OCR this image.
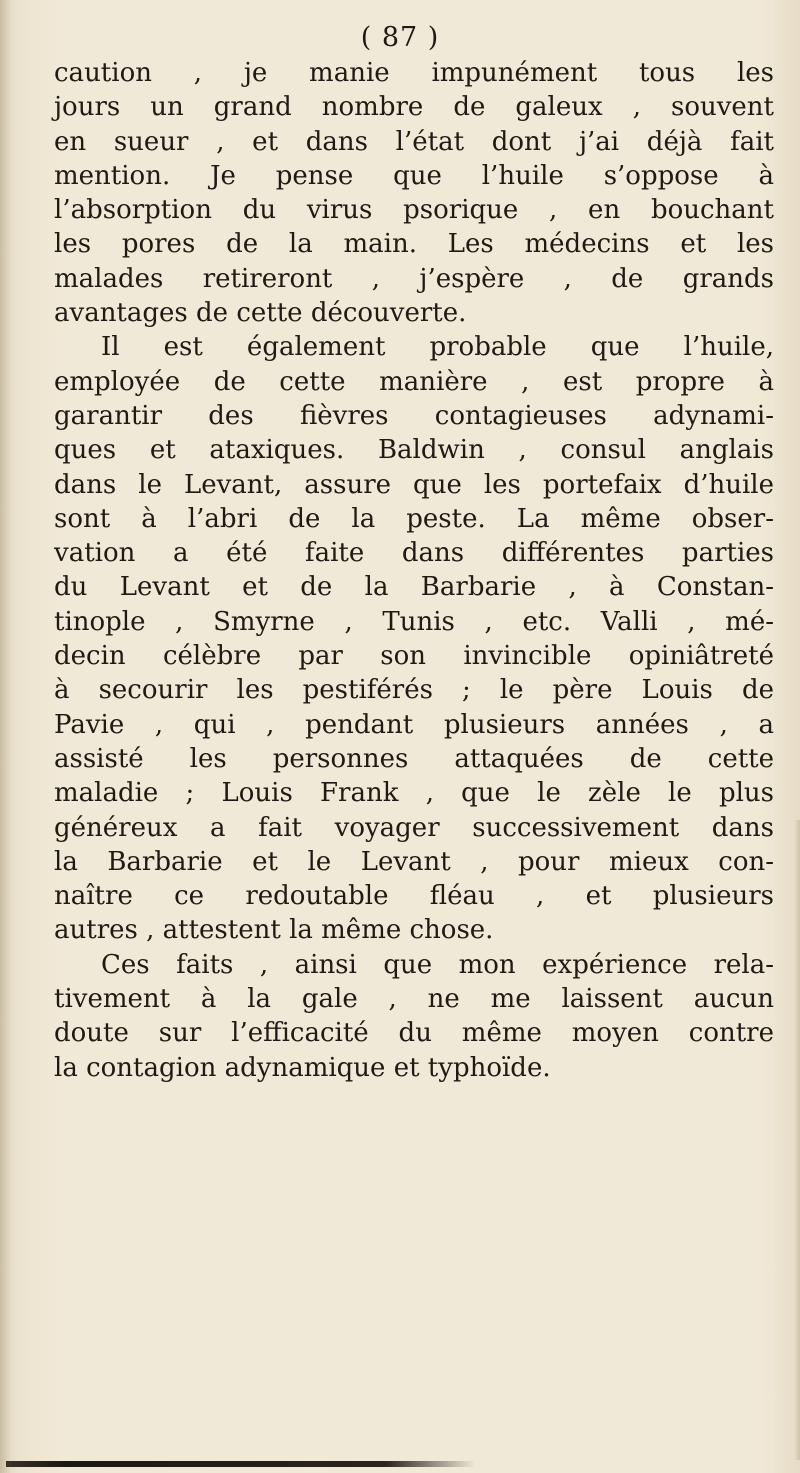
( 87 )
caution , je manie impunément tous les
jours un grand nombre de galeux , souvent
en sueur , et dans l’état dont j’ai déjà fait
mention. Je pense que l’huile s’oppose à
l’absorption du virus psorique , en bouchant
les pores de la main. Les médecins et les
malades retireront , j’espère , de grands
avantages de cette découverte.
Il est également probable que l’huile,
employée de cette manière , est propre à
garantir des fièvres contagieuses adynami-
ques et ataxiques. Baldwin , consul anglais
dans le Levant, assure que les portefaix d’huile
sont à l’abri de la peste. La même obser-
vation a été faite dans différentes parties
du Levant et de la Barbarie , à Constan-
tinople , Smyrne , Tunis , etc. Valli , mé-
decin célèbre par son invincible opiniâtreté
à secourir les pestiférés ; le père Louis de
Pavie , qui , pendant plusieurs années , a
assisté les personnes attaquées de cette
maladie ; Louis Frank , que le zèle le plus
généreux a fait voyager successivement dans
la Barbarie et le Levant , pour mieux con-
naître ce redoutable fléau , et plusieurs
autres , attestent la même chose.
Ces faits , ainsi que mon expérience rela-
tivement à la gale , ne me laissent aucun
doute sur l’efficacité du même moyen contre
la contagion adynamique et typhoïde.
